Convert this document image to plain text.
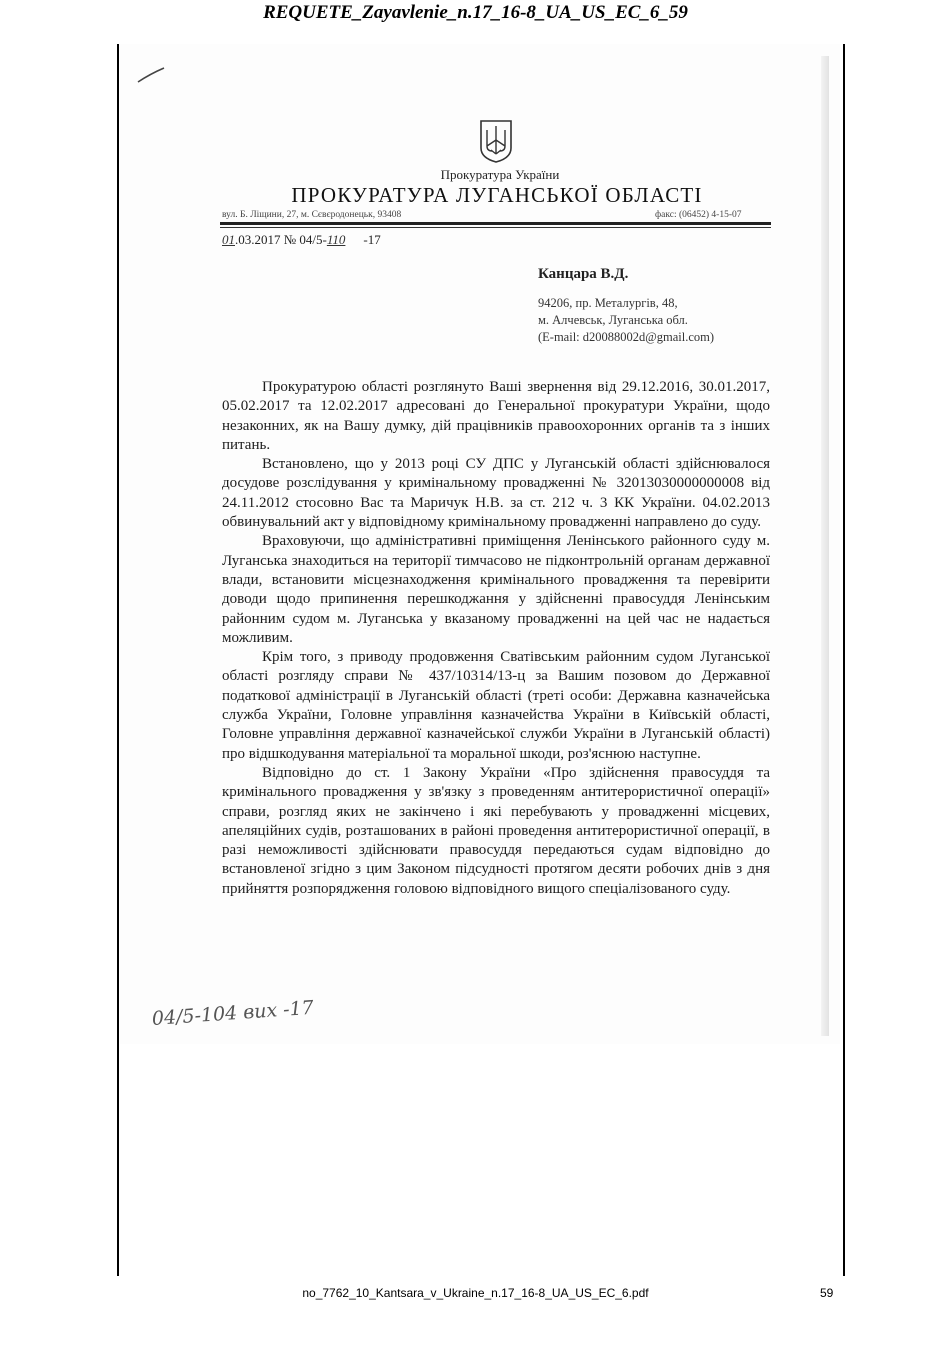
REQUETE_Zayavlenie_n.17_16-8_UA_US_EC_6_59
Прокуратура України
ПРОКУРАТУРА ЛУГАНСЬКОЇ ОБЛАСТІ
вул. Б. Ліщини, 27, м. Сєвєродонецьк, 93408	факс: (06452) 4-15-07
01.03.2017 № 04/5-110 -17
Канцара В.Д.
94206, пр. Металургів, 48,
м. Алчевськ, Луганська обл.
(E-mail: d20088002d@gmail.com)

Прокуратурою області розглянуто Ваші звернення від 29.12.2016, 30.01.2017, 05.02.2017 та 12.02.2017 адресовані до Генеральної прокуратури України, щодо незаконних, як на Вашу думку, дій працівників правоохоронних органів та з інших питань.

Встановлено, що у 2013 році СУ ДПС у Луганській області здійснювалося досудове розслідування у кримінальному провадженні № 32013030000000008 від 24.11.2012 стосовно Вас та Маричук Н.В. за ст. 212 ч. 3 КК України. 04.02.2013 обвинувальний акт у відповідному кримінальному провадженні направлено до суду.

Враховуючи, що адміністративні приміщення Ленінського районного суду м. Луганська знаходиться на території тимчасово не підконтрольній органам державної влади, встановити місцезнаходження кримінального провадження та перевірити доводи щодо припинення перешкоджання у здійсненні правосуддя Ленінським районним судом м. Луганська у вказаному провадженні на цей час не надається можливим.

Крім того, з приводу продовження Сватівським районним судом Луганської області розгляду справи № 437/10314/13-ц за Вашим позовом до Державної податкової адміністрації в Луганській області (треті особи: Державна казначейська служба України, Головне управління казначейства України в Київській області, Головне управління державної казначейської служби України в Луганській області) про відшкодування матеріальної та моральної шкоди, роз'яснюю наступне.

Відповідно до ст. 1 Закону України «Про здійснення правосуддя та кримінального провадження у зв'язку з проведенням антитерористичної операції» справи, розгляд яких не закінчено і які перебувають у провадженні місцевих, апеляційних судів, розташованих в районі проведення антитерористичної операції, в разі неможливості здійснювати правосуддя передаються судам відповідно до встановленої згідно з цим Законом підсудності протягом десяти робочих днів з дня прийняття розпорядження головою відповідного вищого спеціалізованого суду.

04/5-104 вих -17
no_7762_10_Kantsara_v_Ukraine_n.17_16-8_UA_US_EC_6.pdf	59
